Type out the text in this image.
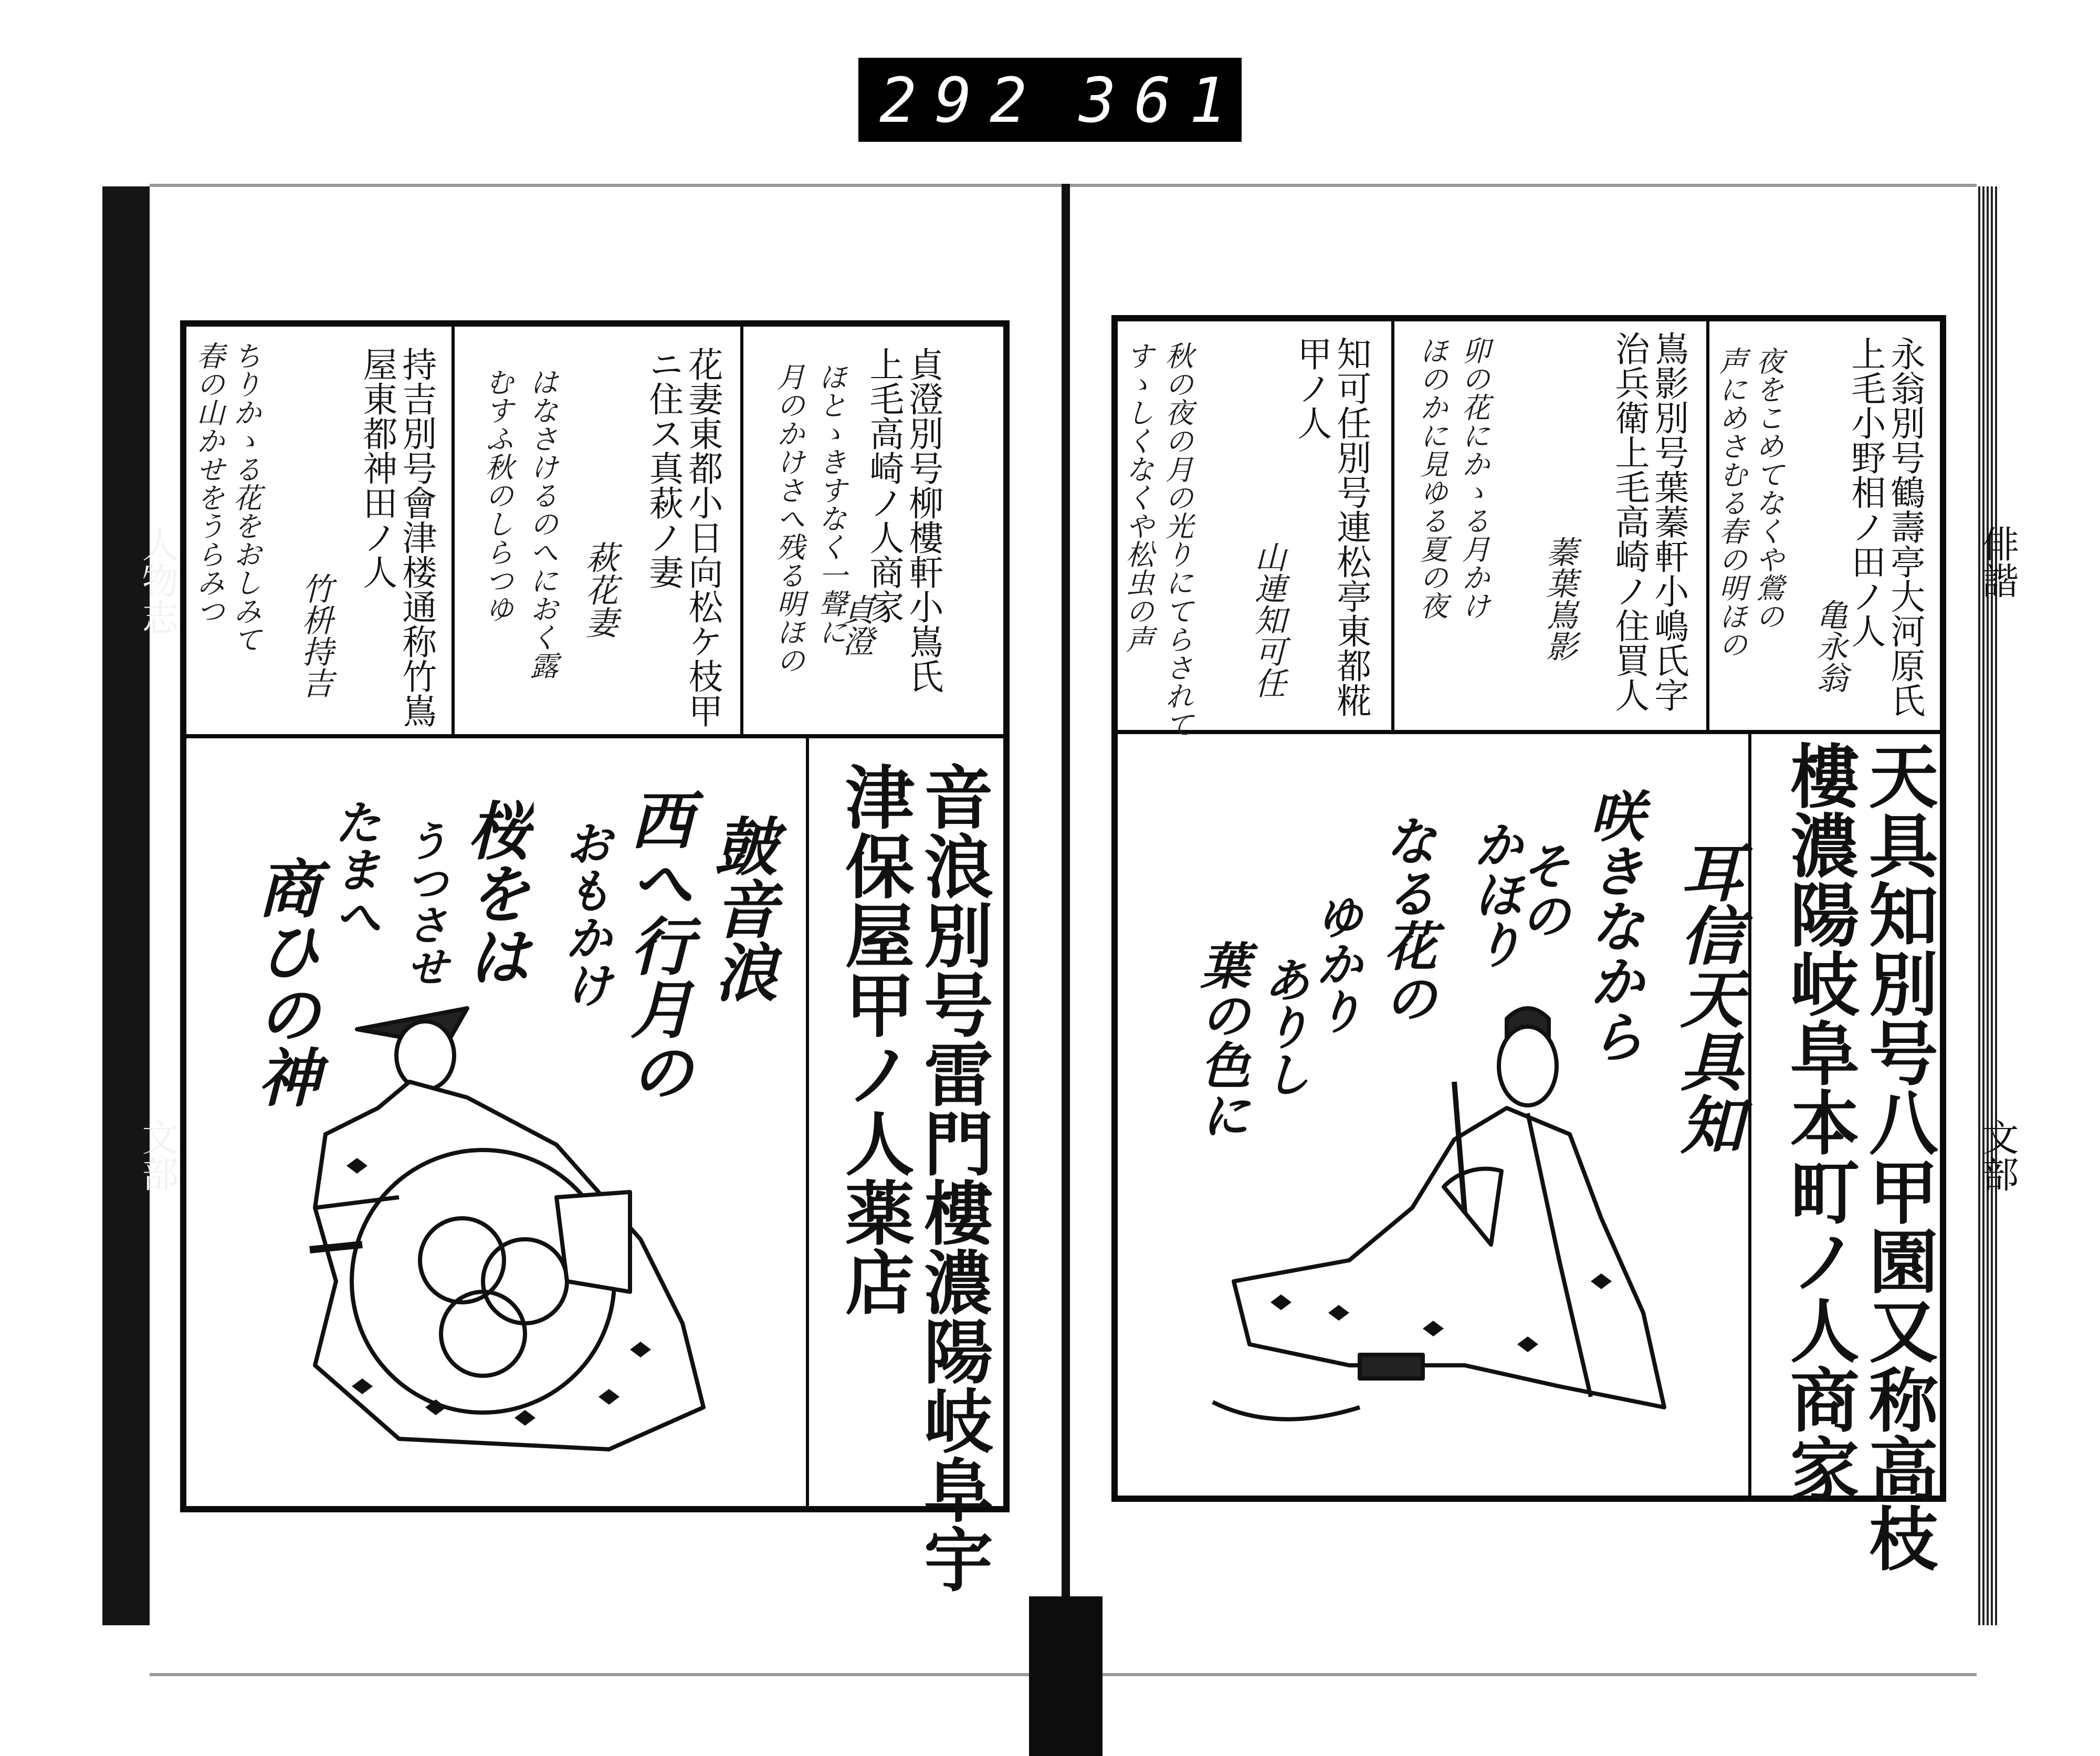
292 361.
人物志
文部
俳諧
文部
貞澄別号柳樓軒小嶌氏
上毛高崎ノ人商家
ほとゝきすなく一聲に
月のかけさへ残る明ほの 貞澄
花妻東都小日向松ケ枝甲
ニ住ス真萩ノ妻
はなさけるのへにおく露
むすふ秋のしらつゆ 萩花妻
持吉別号會津楼通称竹嶌
屋東都神田ノ人
ちりかゝる花をおしみて
春の山かせをうらみつ
竹枡持吉
音浪別号雷門樓濃陽岐阜宇
津保屋甲ノ人薬店
皷音浪
西へ行月の
おもかけ
桜をは
うつさせ
たまへ
商ひの神
永翁別号鶴壽亭大河原氏
上毛小野相ノ田ノ人
夜をこめてなくや鶯の
声にめさむる春の明ほの 亀永翁
嶌影別号葉蓁軒小嶋氏字
治兵衛上毛高崎ノ住買人
卯の花にかゝる月かけ
ほのかに見ゆる夏の夜	蓁葉嶌影
知可任別号連松亭東都糀
甲ノ人
秋の夜の月の光りにてらされて
すゝしくなくや松虫の声	山連知可任
天具知別号八甲園又称高枝
樓濃陽岐阜本町ノ人商家
耳信天具知
咲きなから
その
かほり
なる花の
ゆかり
ありし
葉の色に
